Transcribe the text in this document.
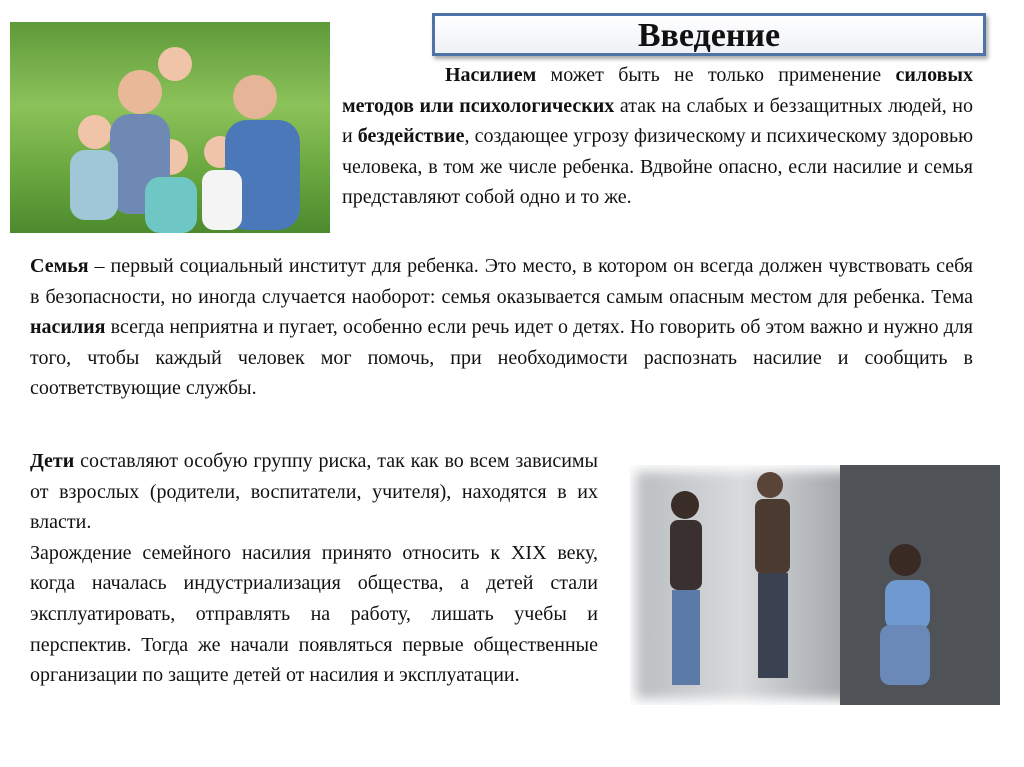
Введение

Насилием может быть не только применение силовых методов или психологических атак на слабых и беззащитных людей, но и бездействие, создающее угрозу физическому и психическому здоровью человека, в том же числе ребенка. Вдвойне опасно, если насилие и семья представляют собой одно и то же.

Семья – первый социальный институт для ребенка. Это место, в котором он всегда должен чувствовать себя в безопасности, но иногда случается наоборот: семья оказывается самым опасным местом для ребенка. Тема насилия всегда неприятна и пугает, особенно если речь идет о детях. Но говорить об этом важно и нужно для того, чтобы каждый человек мог помочь, при необходимости распознать насилие и сообщить в соответствующие службы.

Дети составляют особую группу риска, так как во всем зависимы от взрослых (родители, воспитатели, учителя), находятся в их власти.
Зарождение семейного насилия принято относить к XIX веку, когда началась индустриализация общества, а детей стали эксплуатировать, отправлять на работу, лишать учебы и перспектив. Тогда же начали появляться первые общественные организации по защите детей от насилия и эксплуатации.
